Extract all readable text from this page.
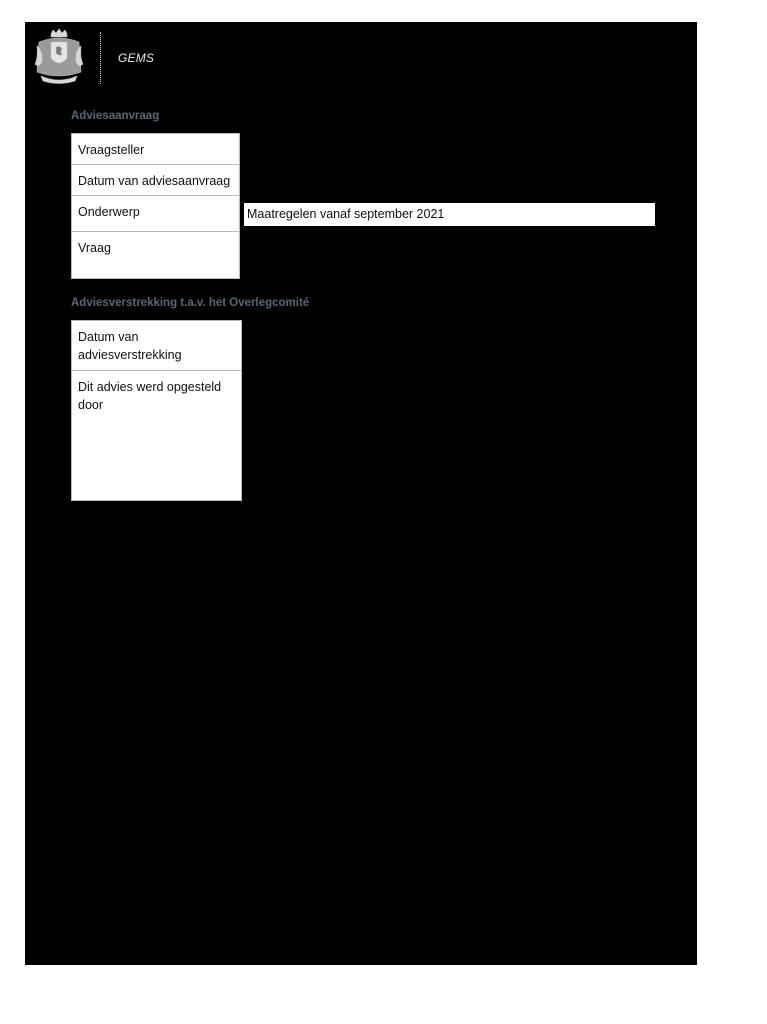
GEMS
Adviesaanvraag
Vraagsteller
Datum van adviesaanvraag
Onderwerp
Vraag
Maatregelen vanaf september 2021
Adviesverstrekking t.a.v. het Overlegcomité
Datum van adviesverstrekking
Dit advies werd opgesteld door
